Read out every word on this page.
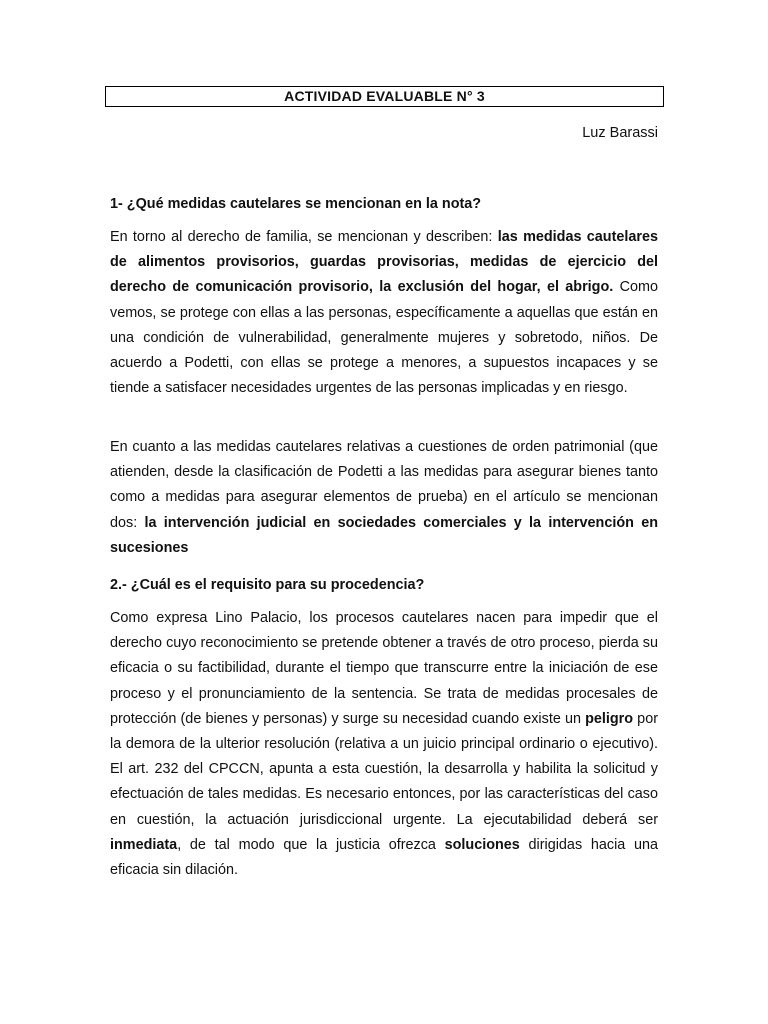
ACTIVIDAD EVALUABLE N° 3
Luz Barassi
1- ¿Qué medidas cautelares se mencionan en la nota?
En torno al derecho de familia, se mencionan y describen: las medidas cautelares de alimentos provisorios, guardas provisorias, medidas de ejercicio del derecho de comunicación provisorio, la exclusión del hogar, el abrigo. Como vemos, se protege con ellas a las personas, específicamente a aquellas que están en una condición de vulnerabilidad, generalmente mujeres y sobretodo, niños. De acuerdo a Podetti, con ellas se protege a menores, a supuestos incapaces y se tiende a satisfacer necesidades urgentes de las personas implicadas y en riesgo.
En cuanto a las medidas cautelares relativas a cuestiones de orden patrimonial (que atienden, desde la clasificación de Podetti a las medidas para asegurar bienes tanto como a medidas para asegurar elementos de prueba) en el artículo se mencionan dos: la intervención judicial en sociedades comerciales y la intervención en sucesiones
2.- ¿Cuál es el requisito para su procedencia?
Como expresa Lino Palacio, los procesos cautelares nacen para impedir que el derecho cuyo reconocimiento se pretende obtener a través de otro proceso, pierda su eficacia o su factibilidad, durante el tiempo que transcurre entre la iniciación de ese proceso y el pronunciamiento de la sentencia. Se trata de medidas procesales de protección (de bienes y personas) y surge su necesidad cuando existe un peligro por la demora de la ulterior resolución (relativa a un juicio principal ordinario o ejecutivo). El art. 232 del CPCCN, apunta a esta cuestión, la desarrolla y habilita la solicitud y efectuación de tales medidas. Es necesario entonces, por las características del caso en cuestión, la actuación jurisdiccional urgente. La ejecutabilidad deberá ser inmediata, de tal modo que la justicia ofrezca soluciones dirigidas hacia una eficacia sin dilación.
